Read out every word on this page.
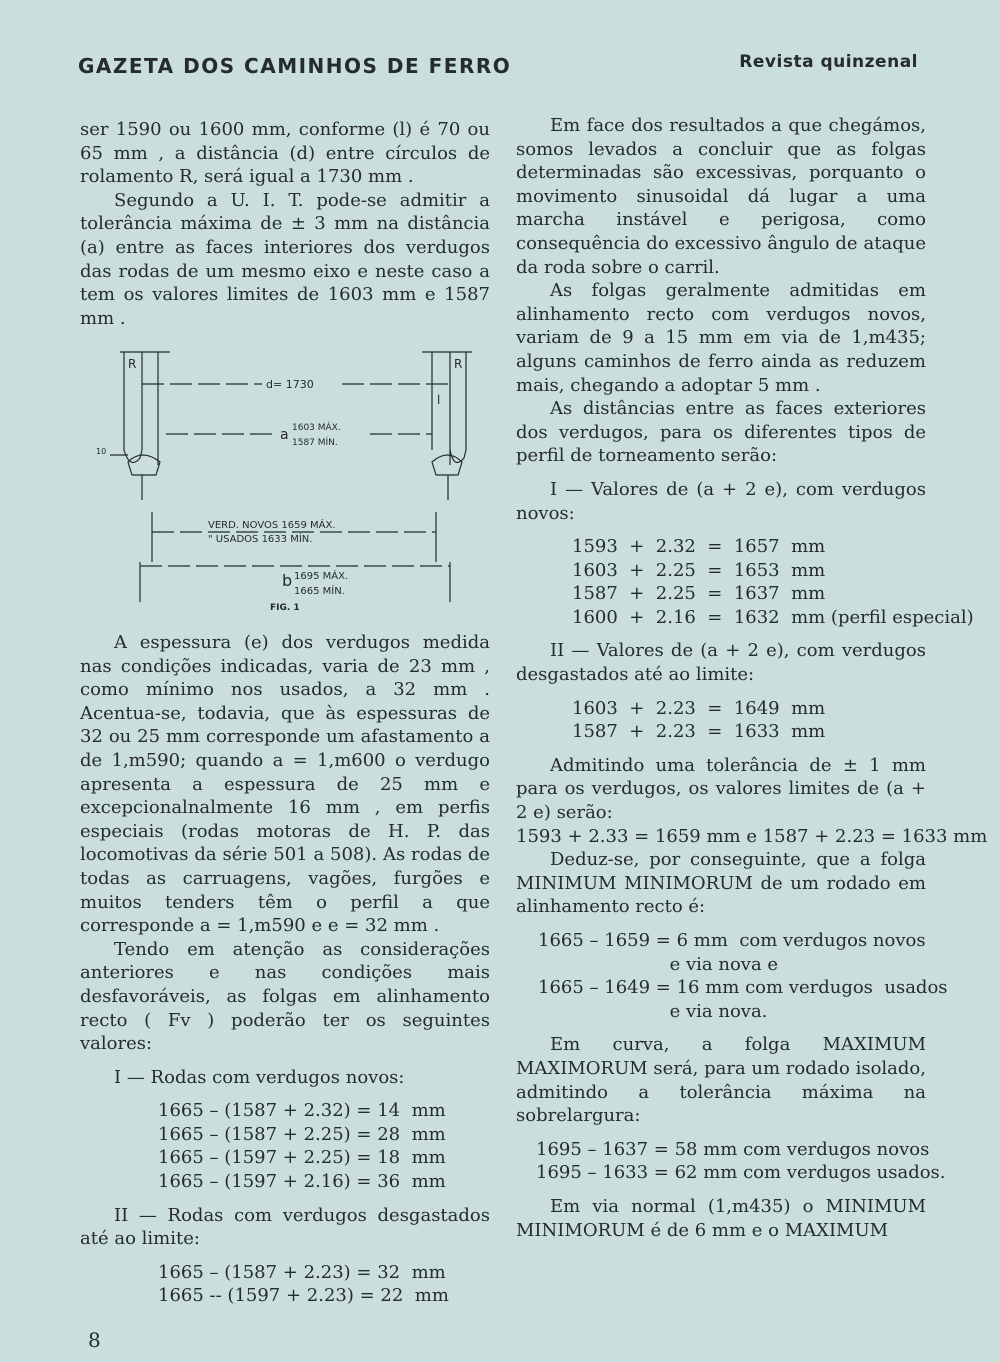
GAZETA DOS CAMINHOS DE FERRO	Revista quinzenal

ser 1590 ou 1600 mm, conforme (l) é 70 ou 65 mm , a distância (d) entre círculos de rolamento R, será igual a 1730 mm .

Segundo a U. I. T. pode-se admitir a tolerância máxima de ± 3 mm na distância (a) entre as faces interiores dos verdugos das rodas de um mesmo eixo e neste caso a tem os valores limites de 1603 mm e 1587 mm .

R	R
l
d= 1730
a 1603 MÁX.
1587 MÍN.
10
VERD. NOVOS 1659 MÁX.
" USADOS 1633 MÍN.
b 1695 MÁX.
1665 MÍN.
FIG. 1

A espessura (e) dos verdugos medida nas condições indicadas, varia de 23 mm , como mínimo nos usados, a 32 mm . Acentua-se, todavia, que às espessuras de 32 ou 25 mm corresponde um afastamento a de 1,m590; quando a = 1,m600 o verdugo apresenta a espessura de 25 mm e excepcionalnalmente 16 mm , em perfis especiais (rodas motoras de H. P. das locomotivas da série 501 a 508). As rodas de todas as carruagens, vagões, furgões e muitos tenders têm o perfil a que corresponde a = 1,m590 e e = 32 mm .

Tendo em atenção as considerações anteriores e nas condições mais desfavoráveis, as folgas em alinhamento recto ( Fv ) poderão ter os seguintes valores:

I — Rodas com verdugos novos:

1665 – (1587 + 2.32) = 14  mm

1665 – (1587 + 2.25) = 28  mm

1665 – (1597 + 2.25) = 18  mm

1665 – (1597 + 2.16) = 36  mm

II — Rodas com verdugos desgastados até ao limite:

1665 – (1587 + 2.23) = 32  mm

1665 -- (1597 + 2.23) = 22  mm

Em face dos resultados a que chegámos, somos levados a concluir que as folgas determinadas são excessivas, porquanto o movimento sinusoidal dá lugar a uma marcha instável e perigosa, como consequência do excessivo ângulo de ataque da roda sobre o carril.

As folgas geralmente admitidas em alinhamento recto com verdugos novos, variam de 9 a 15 mm em via de 1,m435; alguns caminhos de ferro ainda as reduzem mais, chegando a adoptar 5 mm .

As distâncias entre as faces exteriores dos verdugos, para os diferentes tipos de perfil de torneamento serão:

I — Valores de (a + 2 e), com verdugos novos:

1593  +  2.32  =  1657  mm

1603  +  2.25  =  1653  mm

1587  +  2.25  =  1637  mm

1600  +  2.16  =  1632  mm (perfil especial)

II — Valores de (a + 2 e), com verdugos desgastados até ao limite:

1603  +  2.23  =  1649  mm

1587  +  2.23  =  1633  mm

Admitindo uma tolerância de ± 1 mm para os verdugos, os valores limites de (a + 2 e) serão:

1593 + 2.33 = 1659 mm e 1587 + 2.23 = 1633 mm

Deduz-se, por conseguinte, que a folga MINIMUM MINIMORUM de um rodado em alinhamento recto é:

1665 – 1659 = 6 mm  com verdugos novos

e via nova e

1665 – 1649 = 16 mm com verdugos  usados

e via nova.

Em curva, a folga MAXIMUM MAXIMORUM será, para um rodado isolado, admitindo a tolerância máxima na sobrelargura:

1695 – 1637 = 58 mm com verdugos novos

1695 – 1633 = 62 mm com verdugos usados.

Em via normal (1,m435) o MINIMUM MINIMORUM é de 6 mm e o MAXIMUM

8
